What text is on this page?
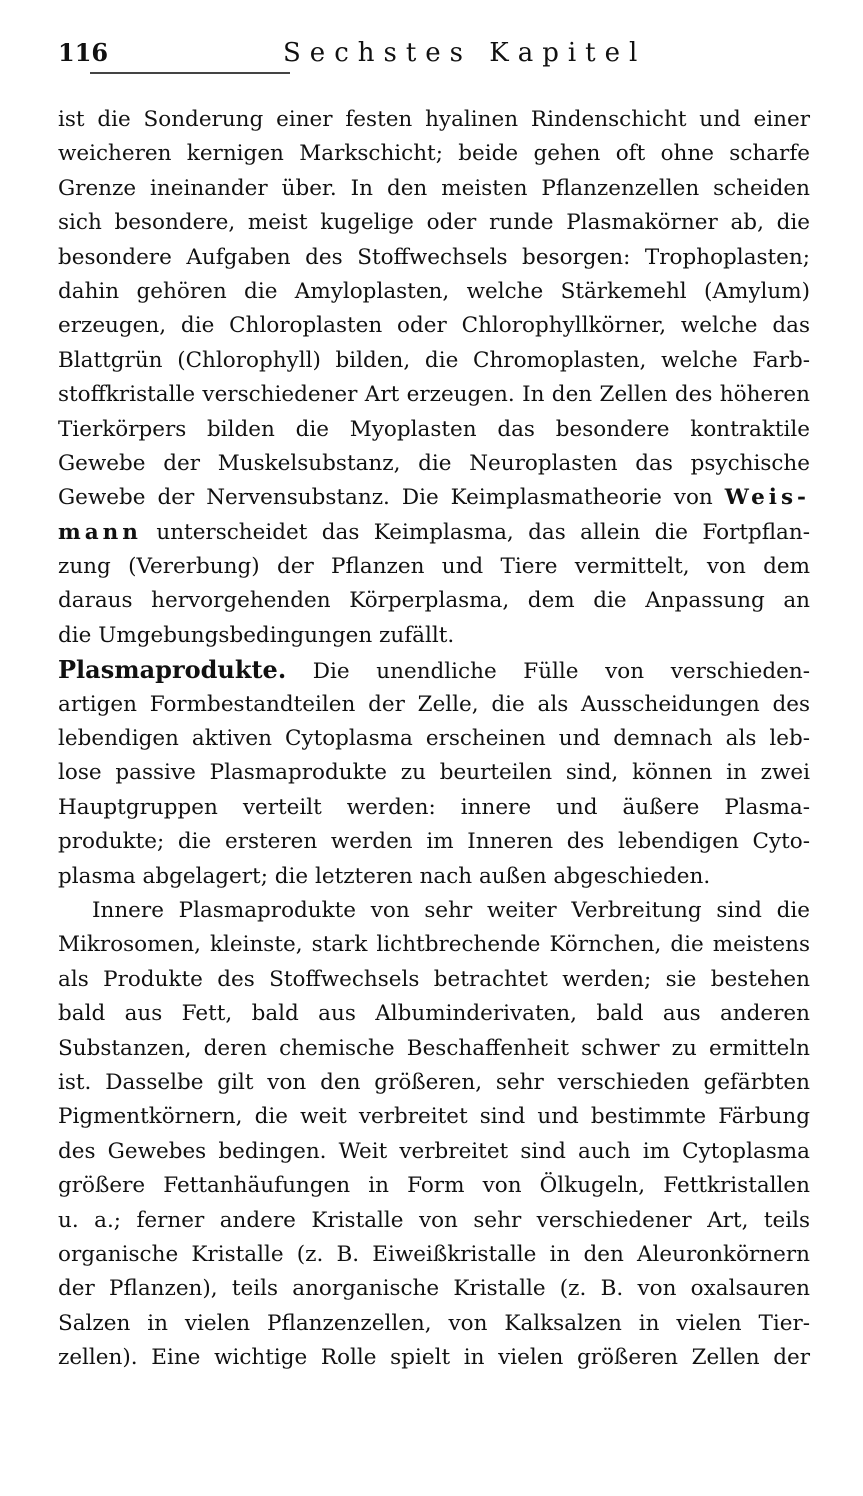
116	Sechstes Kapitel
ist die Sonderung einer festen hyalinen Rindenschicht und einer
weicheren kernigen Markschicht; beide gehen oft ohne scharfe
Grenze ineinander über. In den meisten Pflanzenzellen scheiden
sich besondere, meist kugelige oder runde Plasmakörner ab, die
besondere Aufgaben des Stoffwechsels besorgen: Trophoplasten;
dahin gehören die Amyloplasten, welche Stärkemehl (Amylum)
erzeugen, die Chloroplasten oder Chlorophyllkörner, welche das
Blattgrün (Chlorophyll) bilden, die Chromoplasten, welche Farb-
stoffkristalle verschiedener Art erzeugen. In den Zellen des höheren
Tierkörpers bilden die Myoplasten das besondere kontraktile
Gewebe der Muskelsubstanz, die Neuroplasten das psychische
Gewebe der Nervensubstanz. Die Keimplasmatheorie von Weis-
mann unterscheidet das Keimplasma, das allein die Fortpflan-
zung (Vererbung) der Pflanzen und Tiere vermittelt, von dem
daraus hervorgehenden Körperplasma, dem die Anpassung an
die Umgebungsbedingungen zufällt.
Plasmaprodukte. Die unendliche Fülle von verschieden-
artigen Formbestandteilen der Zelle, die als Ausscheidungen des
lebendigen aktiven Cytoplasma erscheinen und demnach als leb-
lose passive Plasmaprodukte zu beurteilen sind, können in zwei
Hauptgruppen verteilt werden: innere und äußere Plasma-
produkte; die ersteren werden im Inneren des lebendigen Cyto-
plasma abgelagert; die letzteren nach außen abgeschieden.
Innere Plasmaprodukte von sehr weiter Verbreitung sind die
Mikrosomen, kleinste, stark lichtbrechende Körnchen, die meistens
als Produkte des Stoffwechsels betrachtet werden; sie bestehen
bald aus Fett, bald aus Albuminderivaten, bald aus anderen
Substanzen, deren chemische Beschaffenheit schwer zu ermitteln
ist. Dasselbe gilt von den größeren, sehr verschieden gefärbten
Pigmentkörnern, die weit verbreitet sind und bestimmte Färbung
des Gewebes bedingen. Weit verbreitet sind auch im Cytoplasma
größere Fettanhäufungen in Form von Ölkugeln, Fettkristallen
u. a.; ferner andere Kristalle von sehr verschiedener Art, teils
organische Kristalle (z. B. Eiweißkristalle in den Aleuronkörnern
der Pflanzen), teils anorganische Kristalle (z. B. von oxalsauren
Salzen in vielen Pflanzenzellen, von Kalksalzen in vielen Tier-
zellen). Eine wichtige Rolle spielt in vielen größeren Zellen der
